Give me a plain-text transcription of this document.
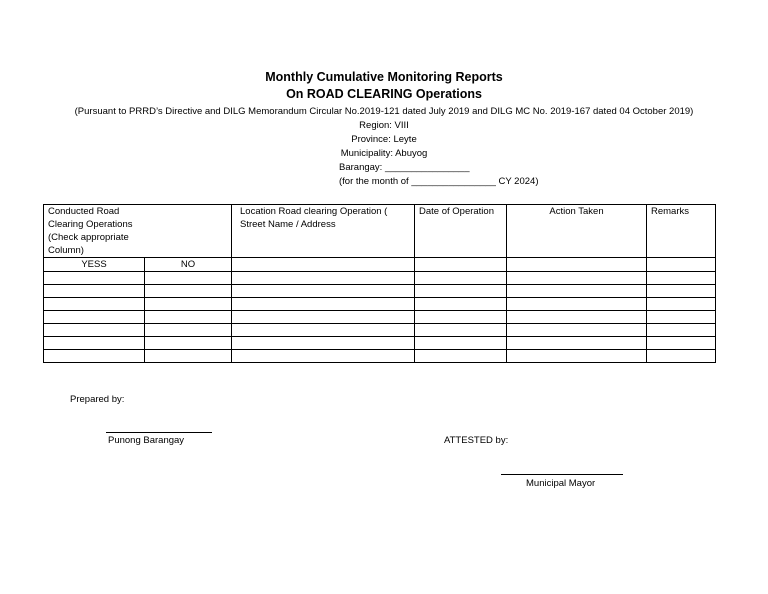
Monthly Cumulative Monitoring Reports
On ROAD CLEARING Operations
(Pursuant to PRRD’s Directive and DILG Memorandum Circular No.2019-121 dated July 2019 and DILG MC No. 2019-167 dated 04 October 2019)
Region: VIII
Province: Leyte
Municipality: Abuyog
Barangay: ________________
(for the month of ________________ CY 2024)
Conducted Road Clearing Operations (Check appropriate Column)		Location Road clearing Operation ( Street Name / Address	Date of Operation	Action Taken	Remarks
YESS	NO				

Prepared by:
Punong Barangay	ATTESTED by:
Municipal Mayor
